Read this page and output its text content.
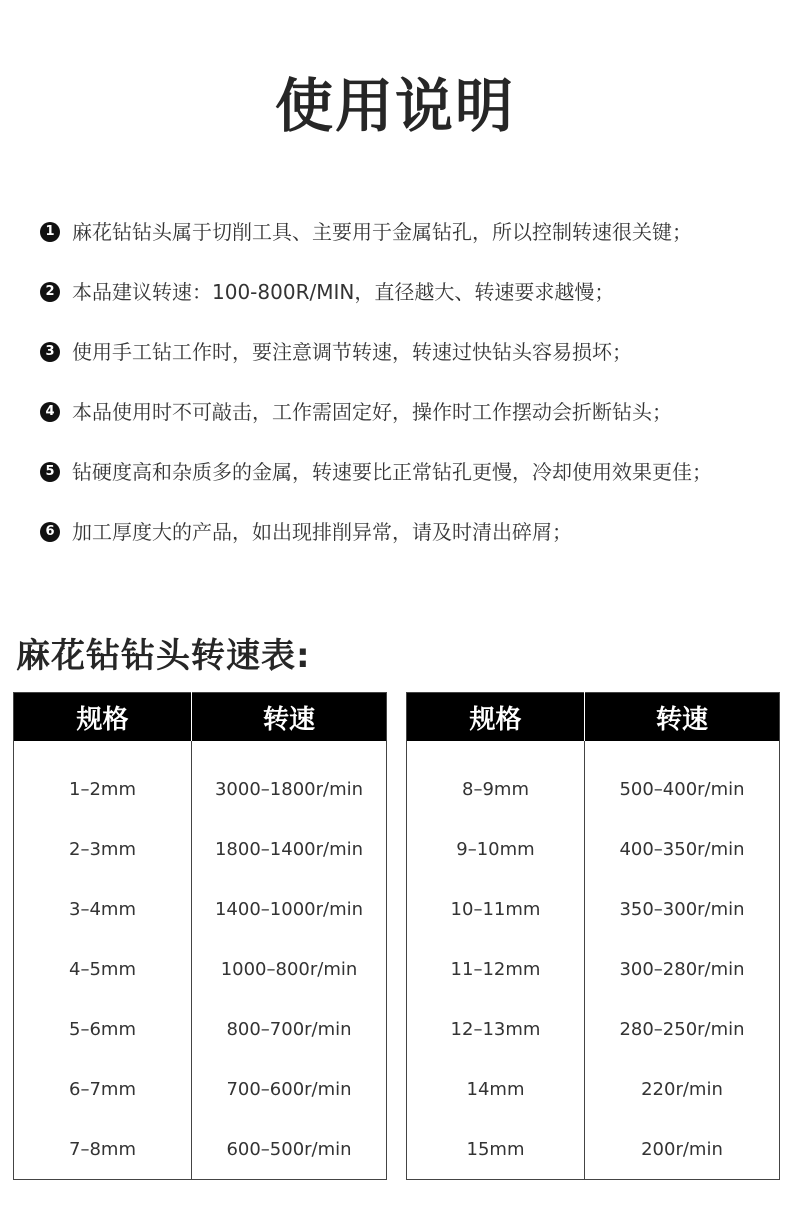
使用说明
1 麻花钻钻头属于切削工具、主要用于金属钻孔，所以控制转速很关键；
2 本品建议转速：100-800R/MIN，直径越大、转速要求越慢；
3 使用手工钻工作时，要注意调节转速，转速过快钻头容易损坏；
4 本品使用时不可敲击，工作需固定好，操作时工作摆动会折断钻头；
5 钻硬度高和杂质多的金属，转速要比正常钻孔更慢，冷却使用效果更佳；
6 加工厚度大的产品，如出现排削异常，请及时清出碎屑；
麻花钻钻头转速表:
规格	转速

1–2mm	3000–1800r/min
2–3mm	1800–1400r/min
3–4mm	1400–1000r/min
4–5mm	1000–800r/min
5–6mm	800–700r/min
6–7mm	700–600r/min
7–8mm	600–500r/min
规格	转速

8–9mm	500–400r/min
9–10mm	400–350r/min
10–11mm	350–300r/min
11–12mm	300–280r/min
12–13mm	280–250r/min
14mm	220r/min
15mm	200r/min
